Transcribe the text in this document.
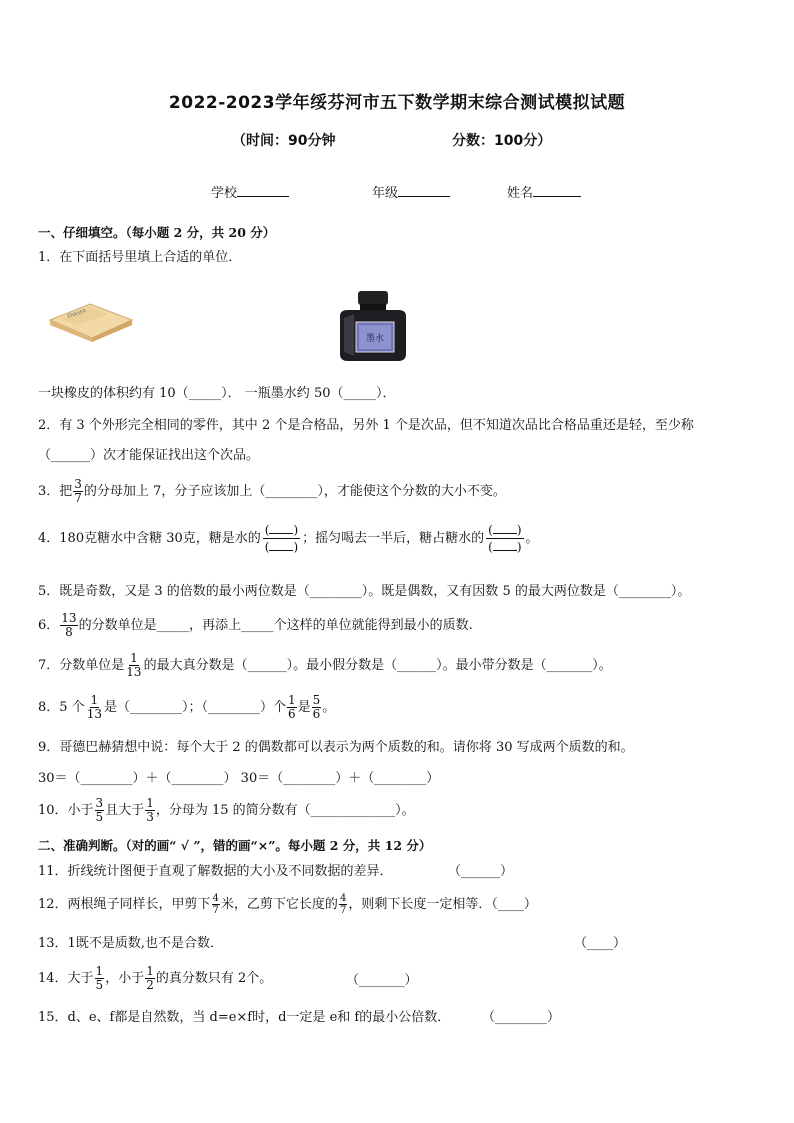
2022-2023学年绥芬河市五下数学期末综合测试模拟试题
（时间：90分钟	分数：100分）
学校	年级	姓名
一、仔细填空。（每小题 2 分，共 20 分）
1．在下面括号里填上合适的单位．
ERASER
墨水
一块橡皮的体积约有 10（_____）． 一瓶墨水约 50（_____）．
2．有 3 个外形完全相同的零件，其中 2 个是合格品，另外 1 个是次品，但不知道次品比合格品重还是轻，至少称
（______）次才能保证找出这个次品。
3．把 $\frac{3}{7}$ 的分母加上 7，分子应该加上（________），才能使这个分数的大小不变。
4．180克糖水中含糖 30克，糖是水的
( )
( )
；摇匀喝去一半后，糖占糖水的
( )
( )
。
5．既是奇数，又是 3 的倍数的最小两位数是（________）。既是偶数，又有因数 5 的最大两位数是（________）。
6． $\frac{13}{8}$ 的分数单位是_____，再添上_____个这样的单位就能得到最小的质数.
7．分数单位是 $\frac{1}{13}$ 的最大真分数是（______）。最小假分数是（______）。最小带分数是（_______）。
8．5 个 $\frac{1}{13}$ 是（________）；（________）个 $\frac{1}{6}$ 是 $\frac{5}{6}$ 。
9．哥德巴赫猜想中说：每个大于 2 的偶数都可以表示为两个质数的和。请你将 30 写成两个质数的和。
30＝（________）＋（________） 30＝（________）＋（________）
10．小于 $\frac{3}{5}$ 且大于 $\frac{1}{3}$ ，分母为 15 的简分数有（_____________）。
二、准确判断。（对的画“ √ ”，错的画“×”。每小题 2 分，共 12 分）
11．折线统计图便于直观了解数据的大小及不同数据的差异．	（______）
12．两根绳子同样长，甲剪下 $\frac{4}{7}$ 米，乙剪下它长度的 $\frac{4}{7}$ ，则剩下长度一定相等．（____）
13．1既不是质数,也不是合数．	（____）
14．大于 $\frac{1}{5}$ ，小于 $\frac{1}{2}$ 的真分数只有 2个。	（_______）
15．d、e、f都是自然数，当 d=e×f时，d一定是 e和 f的最小公倍数． （________）
